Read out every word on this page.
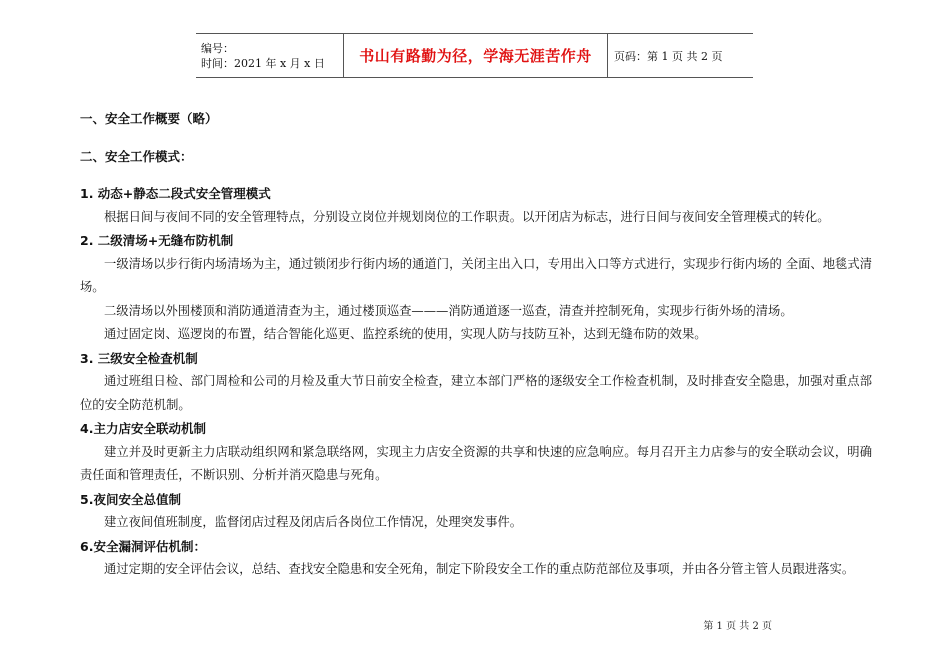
编号：
时间：2021 年 x 月 x 日	书山有路勤为径，学海无涯苦作舟	页码：第 1 页 共 2 页
一、安全工作概要（略）
二、安全工作模式：
1. 动态+静态二段式安全管理模式
根据日间与夜间不同的安全管理特点，分别设立岗位并规划岗位的工作职责。以开闭店为标志，进行日间与夜间安全管理模式的转化。
2. 二级清场+无缝布防机制
一级清场以步行街内场清场为主，通过锁闭步行街内场的通道门，关闭主出入口，专用出入口等方式进行，实现步行街内场的 全面、地毯式清场。
二级清场以外围楼顶和消防通道清查为主，通过楼顶巡查———消防通道逐一巡查，清查并控制死角，实现步行街外场的清场。
通过固定岗、巡逻岗的布置，结合智能化巡更、监控系统的使用，实现人防与技防互补，达到无缝布防的效果。
3. 三级安全检查机制
通过班组日检、部门周检和公司的月检及重大节日前安全检查，建立本部门严格的逐级安全工作检查机制，及时排查安全隐患，加强对重点部位的安全防范机制。
4.主力店安全联动机制
建立并及时更新主力店联动组织网和紧急联络网，实现主力店安全资源的共享和快速的应急响应。每月召开主力店参与的安全联动会议，明确责任面和管理责任，不断识别、分析并消灭隐患与死角。
5.夜间安全总值制
建立夜间值班制度，监督闭店过程及闭店后各岗位工作情况，处理突发事件。
6.安全漏洞评估机制：
通过定期的安全评估会议，总结、查找安全隐患和安全死角，制定下阶段安全工作的重点防范部位及事项，并由各分管主管人员跟进落实。
第 1 页 共 2 页
